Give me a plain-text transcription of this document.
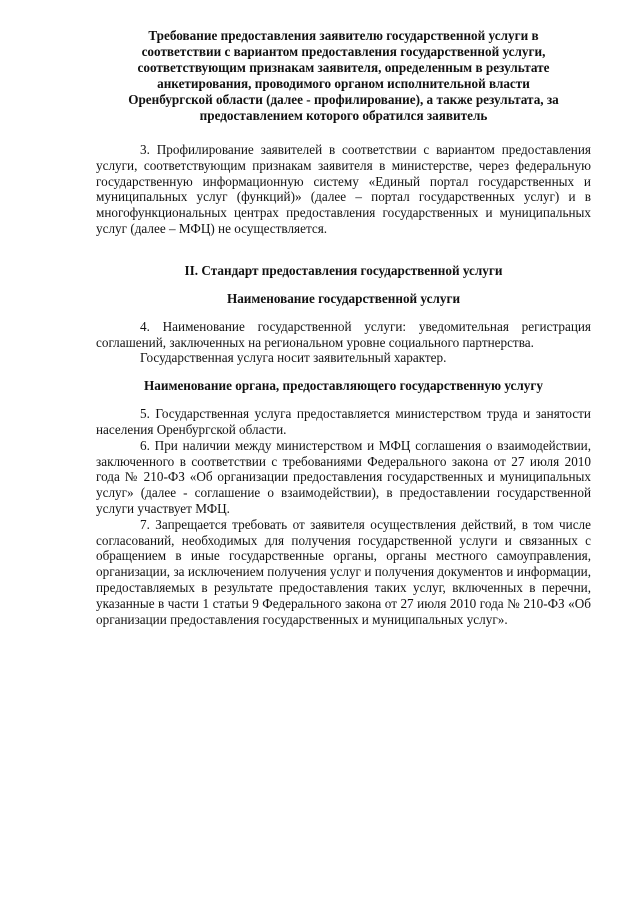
Требование предоставления заявителю государственной услуги в
соответствии с вариантом предоставления государственной услуги,
соответствующим признакам заявителя, определенным в результате
анкетирования, проводимого органом исполнительной власти
Оренбургской области (далее - профилирование), а также результата, за
предоставлением которого обратился заявитель

3. Профилирование заявителей в соответствии с вариантом предоставления услуги, соответствующим признакам заявителя в министерстве, через федеральную государственную информационную систему «Единый портал государственных и муниципальных услуг (функций)» (далее – портал государственных услуг) и в многофункциональных центрах предоставления государственных и муниципальных услуг (далее – МФЦ) не осуществляется.

II. Стандарт предоставления государственной услуги
Наименование государственной услуги

4. Наименование государственной услуги: уведомительная регистрация соглашений, заключенных на региональном уровне социального партнерства.

Государственная услуга носит заявительный характер.

Наименование органа, предоставляющего государственную услугу

5. Государственная услуга предоставляется министерством труда и занятости населения Оренбургской области.

6. При наличии между министерством и МФЦ соглашения о взаимодействии, заключенного в соответствии с требованиями Федерального закона от 27 июля 2010 года № 210-ФЗ «Об организации предоставления государственных и муниципальных услуг» (далее - соглашение о взаимодействии), в предоставлении государственной услуги участвует МФЦ.

7. Запрещается требовать от заявителя осуществления действий, в том числе согласований, необходимых для получения государственной услуги и связанных с обращением в иные государственные органы, органы местного самоуправления, организации, за исключением получения услуг и получения документов и информации, предоставляемых в результате предоставления таких услуг, включенных в перечни, указанные в части 1 статьи 9 Федерального закона от 27 июля 2010 года № 210-ФЗ «Об организации предоставления государственных и муниципальных услуг».
